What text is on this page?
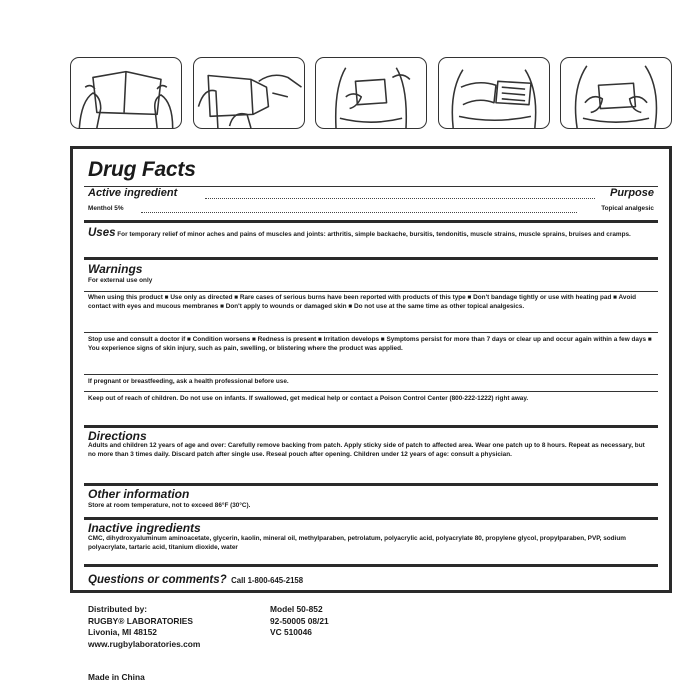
Drug Facts
Active ingredient	Purpose
Menthol 5%	Topical analgesic
Uses For temporary relief of minor aches and pains of muscles and joints: arthritis, simple backache, bursitis, tendonitis, muscle strains, muscle sprains, bruises and cramps.
Warnings
For external use only
When using this product ■ Use only as directed ■ Rare cases of serious burns have been reported with products of this type ■ Don't bandage tightly or use with heating pad ■ Avoid contact with eyes and mucous membranes ■ Don't apply to wounds or damaged skin ■ Do not use at the same time as other topical analgesics.
Stop use and consult a doctor if ■ Condition worsens ■ Redness is present ■ Irritation develops ■ Symptoms persist for more than 7 days or clear up and occur again within a few days ■ You experience signs of skin injury, such as pain, swelling, or blistering where the product was applied.
If pregnant or breastfeeding, ask a health professional before use.
Keep out of reach of children. Do not use on infants. If swallowed, get medical help or contact a Poison Control Center (800-222-1222) right away.
Directions
Adults and children 12 years of age and over: Carefully remove backing from patch. Apply sticky side of patch to affected area. Wear one patch up to 8 hours. Repeat as necessary, but no more than 3 times daily. Discard patch after single use. Reseal pouch after opening. Children under 12 years of age: consult a physician.
Other information
Store at room temperature, not to exceed 86°F (30°C).
Inactive ingredients
CMC, dihydroxyaluminum aminoacetate, glycerin, kaolin, mineral oil, methylparaben, petrolatum, polyacrylic acid, polyacrylate 80, propylene glycol, propylparaben, PVP, sodium polyacrylate, tartaric acid, titanium dioxide, water
Questions or comments? Call 1-800-645-2158
Distributed by:
RUGBY® LABORATORIES
Livonia, MI 48152
www.rugbylaboratories.com
Model 50-852
92-50005 08/21
VC 510046
Made in China
